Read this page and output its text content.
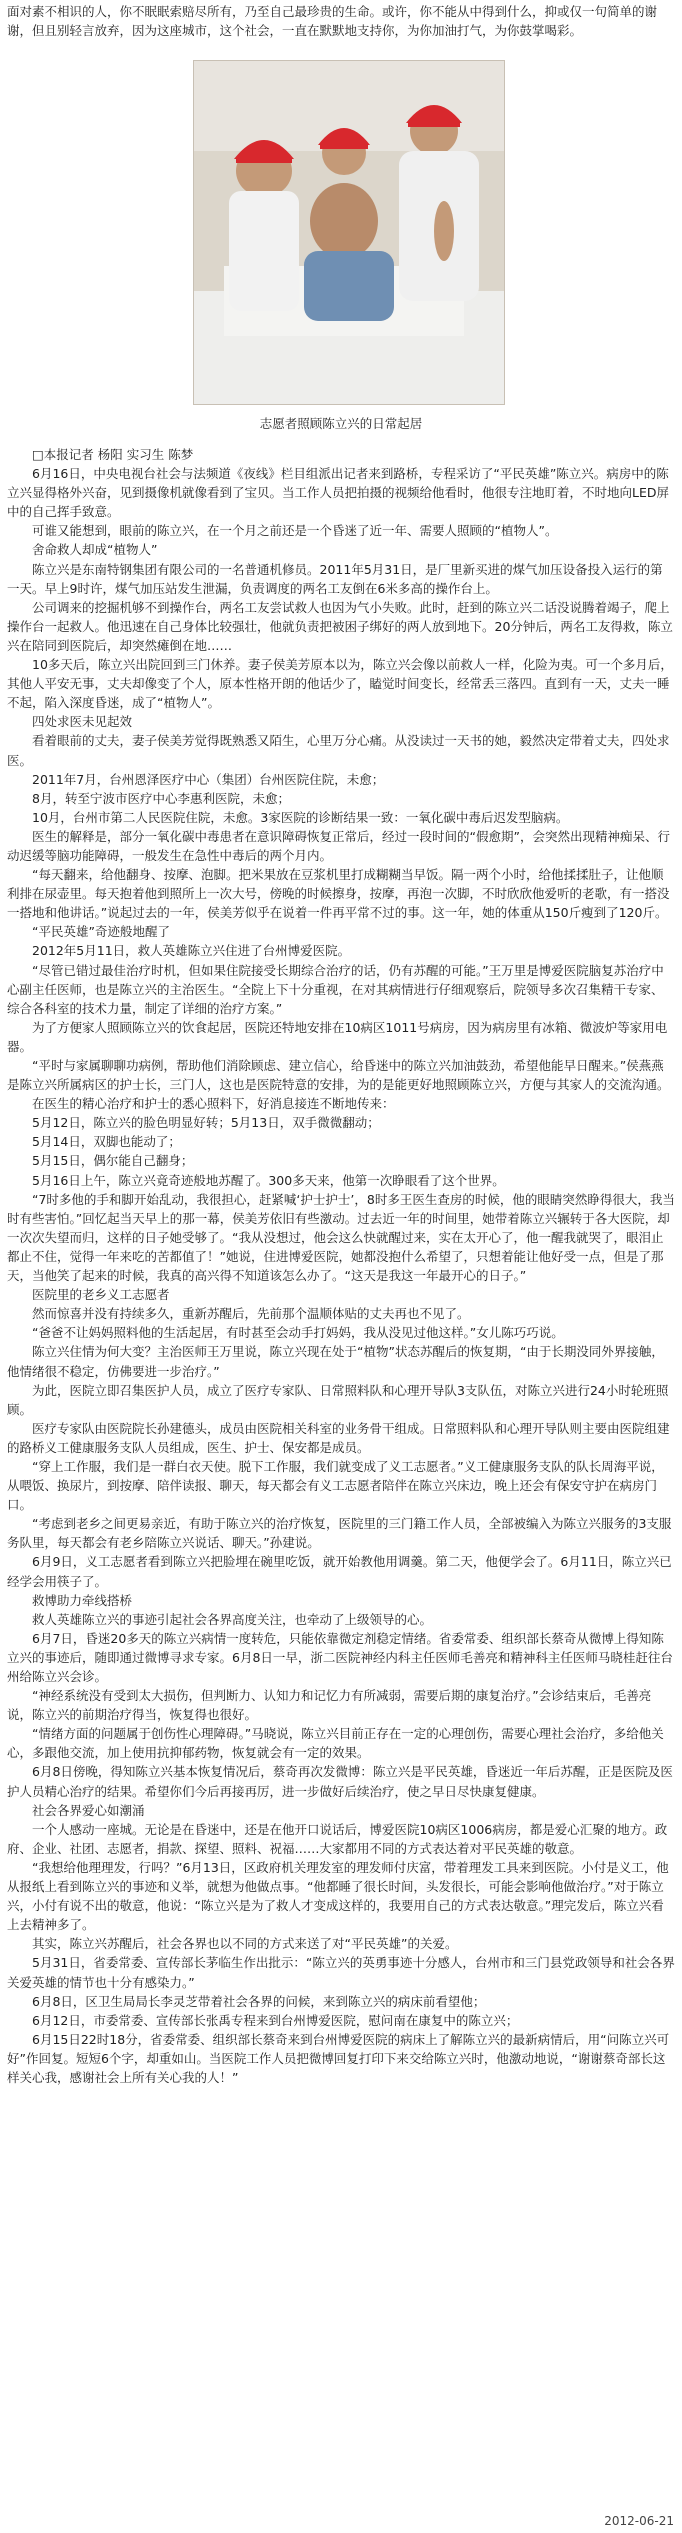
面对素不相识的人，你不眠眠索赔尽所有，乃至自己最珍贵的生命。或许，你不能从中得到什么，抑或仅一句简单的谢谢，但且别轻言放弃，因为这座城市，这个社会，一直在默默地支持你，为你加油打气，为你鼓掌喝彩。
志愿者照顾陈立兴的日常起居

□本报记者 杨阳 实习生 陈梦

6月16日，中央电视台社会与法频道《夜线》栏目组派出记者来到路桥，专程采访了“平民英雄”陈立兴。病房中的陈立兴显得格外兴奋，见到摄像机就像看到了宝贝。当工作人员把拍摄的视频给他看时，他很专注地盯着，不时地向LED屏中的自己挥手致意。

可谁又能想到，眼前的陈立兴，在一个月之前还是一个昏迷了近一年、需要人照顾的“植物人”。

舍命救人却成“植物人”

陈立兴是东南特钢集团有限公司的一名普通机修员。2011年5月31日，是厂里新买进的煤气加压设备投入运行的第一天。早上9时许，煤气加压站发生泄漏，负责调度的两名工友倒在6米多高的操作台上。

公司调来的挖掘机够不到操作台，两名工友尝试救人也因为气小失败。此时，赶到的陈立兴二话没说腾着竭子，爬上操作台一起救人。他迅速在自己身体比较强壮，他就负责把被困子绑好的两人放到地下。20分钟后，两名工友得救，陈立兴在陪同到医院后，却突然瘫倒在地……

10多天后，陈立兴出院回到三门休养。妻子侯美芳原本以为，陈立兴会像以前救人一样，化险为夷。可一个多月后，其他人平安无事，丈夫却像变了个人，原本性格开朗的他话少了，瞌觉时间变长，经常丢三落四。直到有一天，丈夫一睡不起，陷入深度昏迷，成了“植物人”。

四处求医未见起效

看着眼前的丈夫，妻子侯美芳觉得既熟悉又陌生，心里万分心痛。从没读过一天书的她，毅然决定带着丈夫，四处求医。

2011年7月，台州恩泽医疗中心（集团）台州医院住院，未愈；

8月，转至宁波市医疗中心李惠利医院，未愈；

10月，台州市第二人民医院住院，未愈。3家医院的诊断结果一致：一氧化碳中毒后迟发型脑病。

医生的解释是，部分一氧化碳中毒患者在意识障碍恢复正常后，经过一段时间的“假愈期”，会突然出现精神痴呆、行动迟缓等脑功能障碍，一般发生在急性中毒后的两个月内。

“每天翻来，给他翻身、按摩、泡脚。把米果放在豆浆机里打成糊糊当早饭。隔一两个小时，给他揉揉肚子，让他顺利排在尿壶里。每天抱着他到照所上一次大号，傍晚的时候擦身，按摩，再泡一次脚，不时欣欣他爱听的老歌，有一搭没一搭地和他讲话。”说起过去的一年，侯美芳似乎在说着一件再平常不过的事。这一年，她的体重从150斤瘦到了120斤。

“平民英雄”奇迹般地醒了

2012年5月11日，救人英雄陈立兴住进了台州博爱医院。

“尽管已错过最佳治疗时机，但如果住院接受长期综合治疗的话，仍有苏醒的可能。”王万里是博爱医院脑复苏治疗中心副主任医师，也是陈立兴的主治医生。“全院上下十分重视，在对其病情进行仔细观察后，院领导多次召集精干专家、综合各科室的技术力量，制定了详细的治疗方案。”

为了方便家人照顾陈立兴的饮食起居，医院还特地安排在10病区1011号病房，因为病房里有冰箱、微波炉等家用电器。

“平时与家属聊聊功病例，帮助他们消除顾虑、建立信心，给昏迷中的陈立兴加油鼓劲，希望他能早日醒来。”侯燕燕是陈立兴所属病区的护士长，三门人，这也是医院特意的安排，为的是能更好地照顾陈立兴，方便与其家人的交流沟通。

在医生的精心治疗和护士的悉心照料下，好消息接连不断地传来：

5月12日，陈立兴的脸色明显好转；5月13日，双手微微翻动；

5月14日，双脚也能动了；

5月15日，偶尔能自己翻身；

5月16日上午，陈立兴竟奇迹般地苏醒了。300多天来，他第一次睁眼看了这个世界。

“7时多他的手和脚开始乱动，我很担心，赶紧喊‘护士护士’，8时多王医生查房的时候，他的眼睛突然睁得很大，我当时有些害怕。”回忆起当天早上的那一幕，侯美芳依旧有些激动。过去近一年的时间里，她带着陈立兴辗转于各大医院，却一次次失望而归，这样的日子她受够了。“我从没想过，他会这么快就醒过来，实在太开心了，他一醒我就哭了，眼泪止都止不住，觉得一年来吃的苦都值了！”她说，住进博爱医院，她都没抱什么希望了，只想着能让他好受一点，但是了那天，当他笑了起来的时候，我真的高兴得不知道该怎么办了。“这天是我这一年最开心的日子。”

医院里的老乡义工志愿者

然而惊喜并没有持续多久，重新苏醒后，先前那个温顺体贴的丈夫再也不见了。

“爸爸不让妈妈照料他的生活起居，有时甚至会动手打妈妈，我从没见过他这样。”女儿陈巧巧说。

陈立兴住情为何大变？主治医师王万里说，陈立兴现在处于“植物”状态苏醒后的恢复期，“由于长期没同外界接触，他情绪很不稳定，仿佛要进一步治疗。”

为此，医院立即召集医护人员，成立了医疗专家队、日常照料队和心理开导队3支队伍，对陈立兴进行24小时轮班照顾。

医疗专家队由医院院长孙建德头，成员由医院相关科室的业务骨干组成。日常照料队和心理开导队则主要由医院组建的路桥义工健康服务支队人员组成，医生、护士、保安都是成员。

“穿上工作服，我们是一群白衣天使。脱下工作服，我们就变成了义工志愿者。”义工健康服务支队的队长周海平说，从喂饭、换尿片，到按摩、陪伴读报、聊天，每天都会有义工志愿者陪伴在陈立兴床边，晚上还会有保安守护在病房门口。

“考虑到老乡之间更易亲近，有助于陈立兴的治疗恢复，医院里的三门籍工作人员，全部被编入为陈立兴服务的3支服务队里，每天都会有老乡陪陈立兴说话、聊天。”孙建说。

6月9日，义工志愿者看到陈立兴把脸埋在碗里吃饭，就开始教他用调羹。第二天，他便学会了。6月11日，陈立兴已经学会用筷子了。

救博助力牵线搭桥

救人英雄陈立兴的事迹引起社会各界高度关注，也牵动了上级领导的心。

6月7日，昏迷20多天的陈立兴病情一度转危，只能依靠微定剂稳定情绪。省委常委、组织部长蔡奇从微博上得知陈立兴的事迹后，随即通过微博寻求专家。6月8日一早，浙二医院神经内科主任医师毛善亮和精神科主任医师马晓桂赶往台州给陈立兴会诊。

“神经系统没有受到太大损伤，但判断力、认知力和记忆力有所减弱，需要后期的康复治疗。”会诊结束后，毛善亮说，陈立兴的前期治疗得当，恢复得也很好。

“情绪方面的问题属于创伤性心理障碍。”马晓说，陈立兴目前正存在一定的心理创伤，需要心理社会治疗，多给他关心，多跟他交流，加上使用抗抑郁药物，恢复就会有一定的效果。

6月8日傍晚，得知陈立兴基本恢复情况后，蔡奇再次发微博：陈立兴是平民英雄，昏迷近一年后苏醒，正是医院及医护人员精心治疗的结果。希望你们今后再接再厉，进一步做好后续治疗，使之早日尽快康复健康。

社会各界爱心如潮涌

一个人感动一座城。无论是在昏迷中，还是在他开口说话后，博爱医院10病区1006病房，都是爱心汇聚的地方。政府、企业、社团、志愿者，捐款、探望、照料、祝福……大家都用不同的方式表达着对平民英雄的敬意。

“我想给他理理发，行吗？”6月13日，区政府机关理发室的理发师付庆富，带着理发工具来到医院。小付是义工，他从报纸上看到陈立兴的事迹和义举，就想为他做点事。“他都睡了很长时间，头发很长，可能会影响他做治疗。”对于陈立兴，小付有说不出的敬意，他说：“陈立兴是为了救人才变成这样的，我要用自己的方式表达敬意。”理完发后，陈立兴看上去精神多了。

其实，陈立兴苏醒后，社会各界也以不同的方式来送了对“平民英雄”的关爱。

5月31日，省委常委、宣传部长茅临生作出批示：“陈立兴的英勇事迹十分感人，台州市和三门县党政领导和社会各界关爱英雄的情节也十分有感染力。”

6月8日，区卫生局局长李灵芝带着社会各界的问候，来到陈立兴的病床前看望他；

6月12日，市委常委、宣传部长张禹专程来到台州博爱医院，慰问南在康复中的陈立兴；

6月15日22时18分，省委常委、组织部长蔡奇来到台州博爱医院的病床上了解陈立兴的最新病情后，用“问陈立兴可好”作回复。短短6个字，却重如山。当医院工作人员把微博回复打印下来交给陈立兴时，他激动地说，“谢谢蔡奇部长这样关心我，感谢社会上所有关心我的人！”

2012-06-21
